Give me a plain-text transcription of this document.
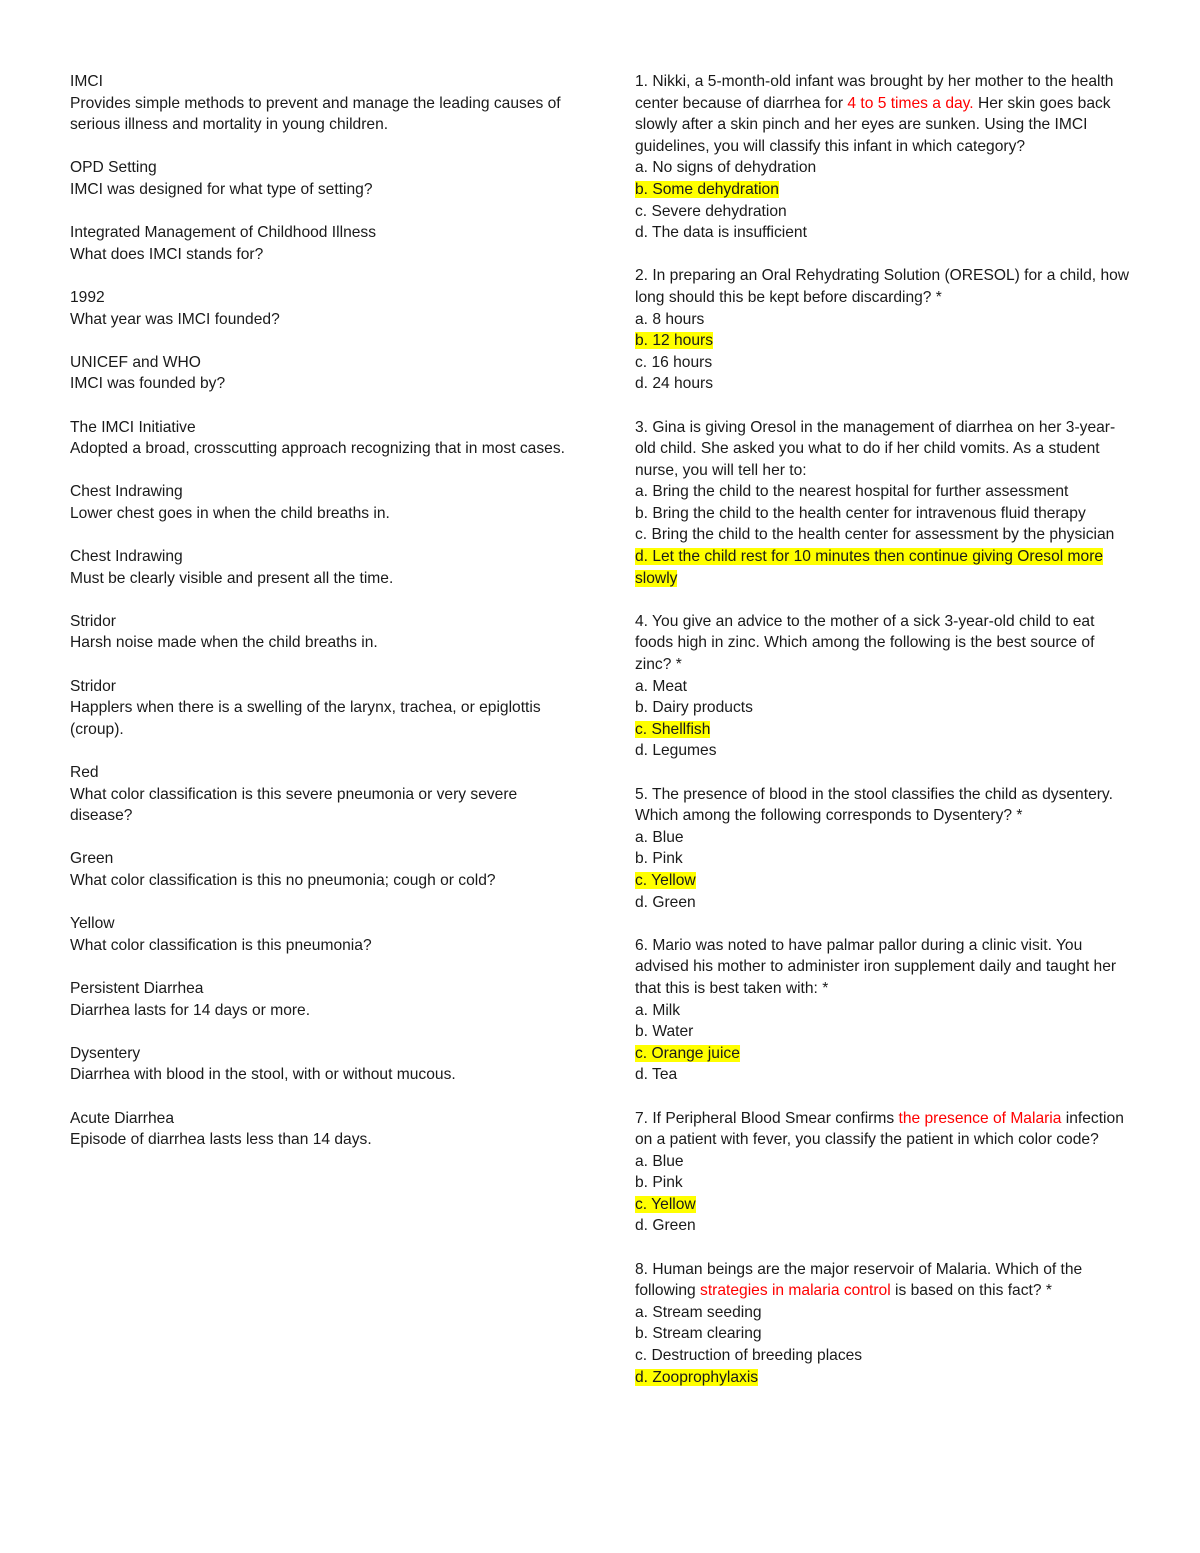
IMCI
Provides simple methods to prevent and manage the leading causes of serious illness and mortality in young children.
OPD Setting
IMCI was designed for what type of setting?
Integrated Management of Childhood Illness
What does IMCI stands for?
1992
What year was IMCI founded?
UNICEF and WHO
IMCI was founded by?
The IMCI Initiative
Adopted a broad, crosscutting approach recognizing that in most cases.
Chest Indrawing
Lower chest goes in when the child breaths in.
Chest Indrawing
Must be clearly visible and present all the time.
Stridor
Harsh noise made when the child breaths in.
Stridor
Happlers when there is a swelling of the larynx, trachea, or epiglottis (croup).
Red
What color classification is this severe pneumonia or very severe disease?
Green
What color classification is this no pneumonia; cough or cold?
Yellow
What color classification is this pneumonia?
Persistent Diarrhea
Diarrhea lasts for 14 days or more.
Dysentery
Diarrhea with blood in the stool, with or without mucous.
Acute Diarrhea
Episode of diarrhea lasts less than 14 days.
1. Nikki, a 5-month-old infant was brought by her mother to the health center because of diarrhea for 4 to 5 times a day. Her skin goes back slowly after a skin pinch and her eyes are sunken. Using the IMCI guidelines, you will classify this infant in which category?
a. No signs of dehydration
b. Some dehydration
c. Severe dehydration
d. The data is insufficient
2. In preparing an Oral Rehydrating Solution (ORESOL) for a child, how long should this be kept before discarding? *
a. 8 hours
b. 12 hours
c. 16 hours
d. 24 hours
3. Gina is giving Oresol in the management of diarrhea on her 3-year-old child. She asked you what to do if her child vomits. As a student nurse, you will tell her to:
a. Bring the child to the nearest hospital for further assessment
b. Bring the child to the health center for intravenous fluid therapy
c. Bring the child to the health center for assessment by the physician
d. Let the child rest for 10 minutes then continue giving Oresol more slowly
4. You give an advice to the mother of a sick 3-year-old child to eat foods high in zinc. Which among the following is the best source of zinc? *
a. Meat
b. Dairy products
c. Shellfish
d. Legumes
5. The presence of blood in the stool classifies the child as dysentery. Which among the following corresponds to Dysentery? *
a. Blue
b. Pink
c. Yellow
d. Green
6. Mario was noted to have palmar pallor during a clinic visit. You advised his mother to administer iron supplement daily and taught her that this is best taken with: *
a. Milk
b. Water
c. Orange juice
d. Tea
7. If Peripheral Blood Smear confirms the presence of Malaria infection on a patient with fever, you classify the patient in which color code?
a. Blue
b. Pink
c. Yellow
d. Green
8. Human beings are the major reservoir of Malaria. Which of the following strategies in malaria control is based on this fact? *
a. Stream seeding
b. Stream clearing
c. Destruction of breeding places
d. Zooprophylaxis
